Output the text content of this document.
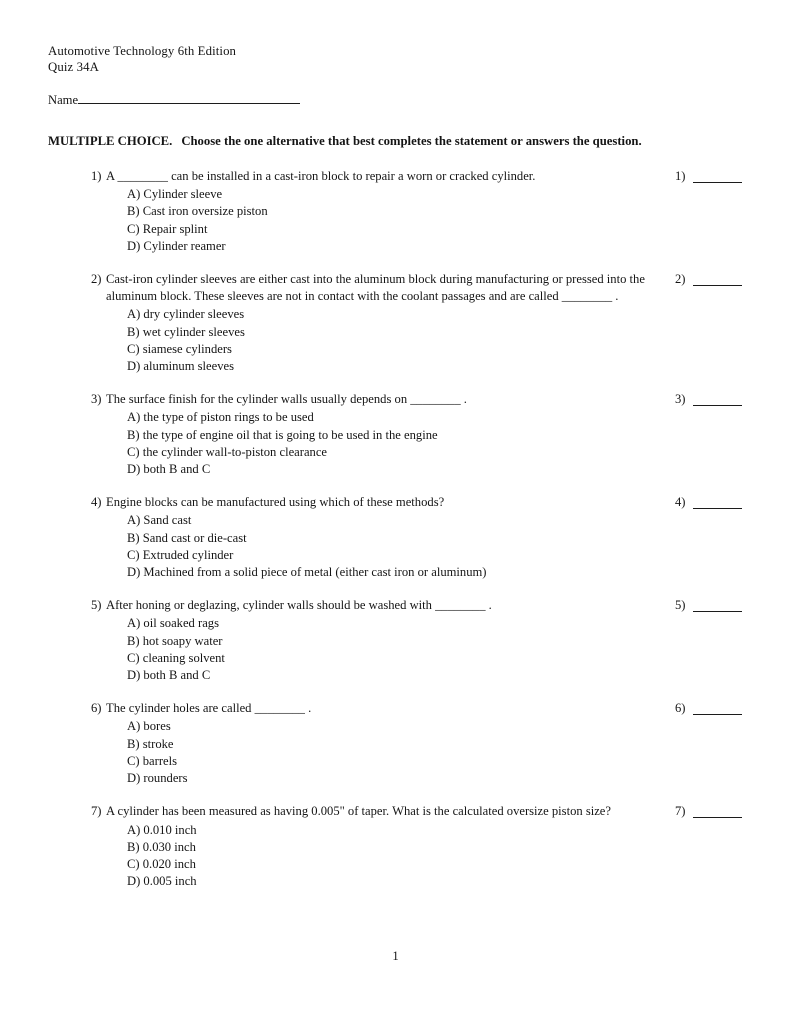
Automotive Technology 6th Edition
Quiz 34A
Name
MULTIPLE CHOICE. Choose the one alternative that best completes the statement or answers the question.
1) A ________ can be installed in a cast-iron block to repair a worn or cracked cylinder.
A) Cylinder sleeve
B) Cast iron oversize piston
C) Repair splint
D) Cylinder reamer
1)
2) Cast-iron cylinder sleeves are either cast into the aluminum block during manufacturing or pressed into the aluminum block. These sleeves are not in contact with the coolant passages and are called ________ .
A) dry cylinder sleeves
B) wet cylinder sleeves
C) siamese cylinders
D) aluminum sleeves
2)
3) The surface finish for the cylinder walls usually depends on ________ .
A) the type of piston rings to be used
B) the type of engine oil that is going to be used in the engine
C) the cylinder wall-to-piston clearance
D) both B and C
3)
4) Engine blocks can be manufactured using which of these methods?
A) Sand cast
B) Sand cast or die-cast
C) Extruded cylinder
D) Machined from a solid piece of metal (either cast iron or aluminum)
4)
5) After honing or deglazing, cylinder walls should be washed with ________ .
A) oil soaked rags
B) hot soapy water
C) cleaning solvent
D) both B and C
5)
6) The cylinder holes are called ________ .
A) bores
B) stroke
C) barrels
D) rounders
6)
7) A cylinder has been measured as having 0.005" of taper. What is the calculated oversize piston size?
A) 0.010 inch
B) 0.030 inch
C) 0.020 inch
D) 0.005 inch
7)
1
